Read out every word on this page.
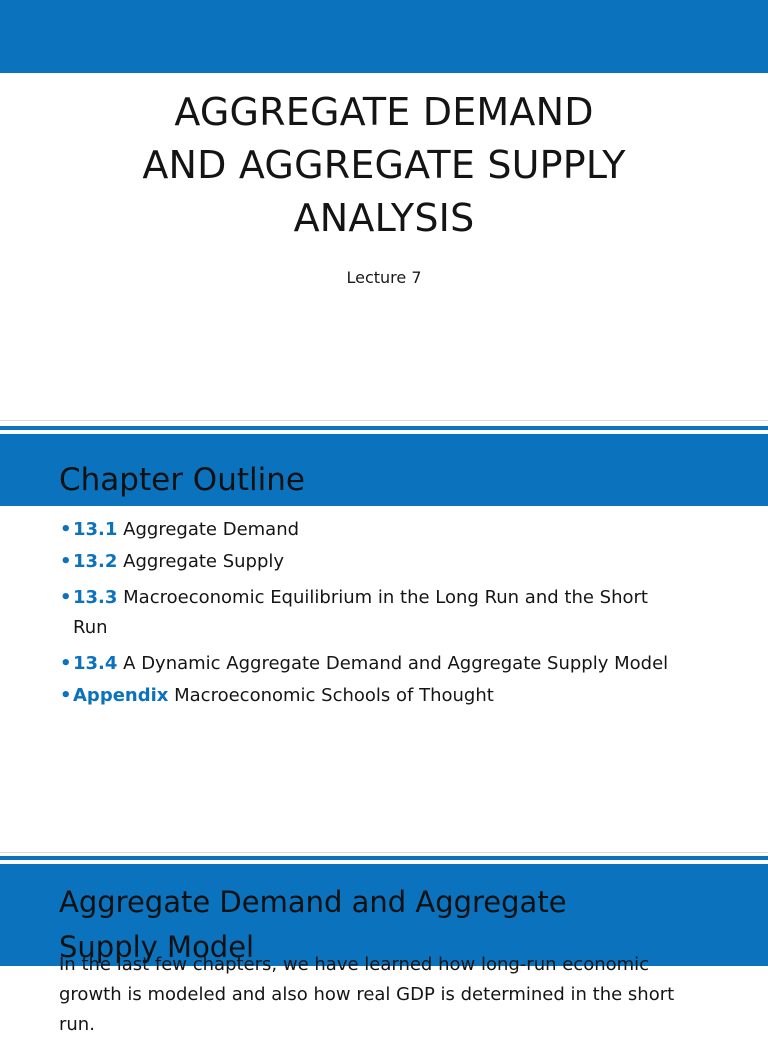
AGGREGATE DEMAND
AND AGGREGATE SUPPLY
ANALYSIS
Lecture 7
Chapter Outline
• 13.1 Aggregate Demand
• 13.2 Aggregate Supply
• 13.3 Macroeconomic Equilibrium in the Long Run and the Short Run
• 13.4 A Dynamic Aggregate Demand and Aggregate Supply Model
• Appendix Macroeconomic Schools of Thought
Aggregate Demand and Aggregate Supply Model
In the last few chapters, we have learned how long-run economic growth is modeled and also how real GDP is determined in the short run.
